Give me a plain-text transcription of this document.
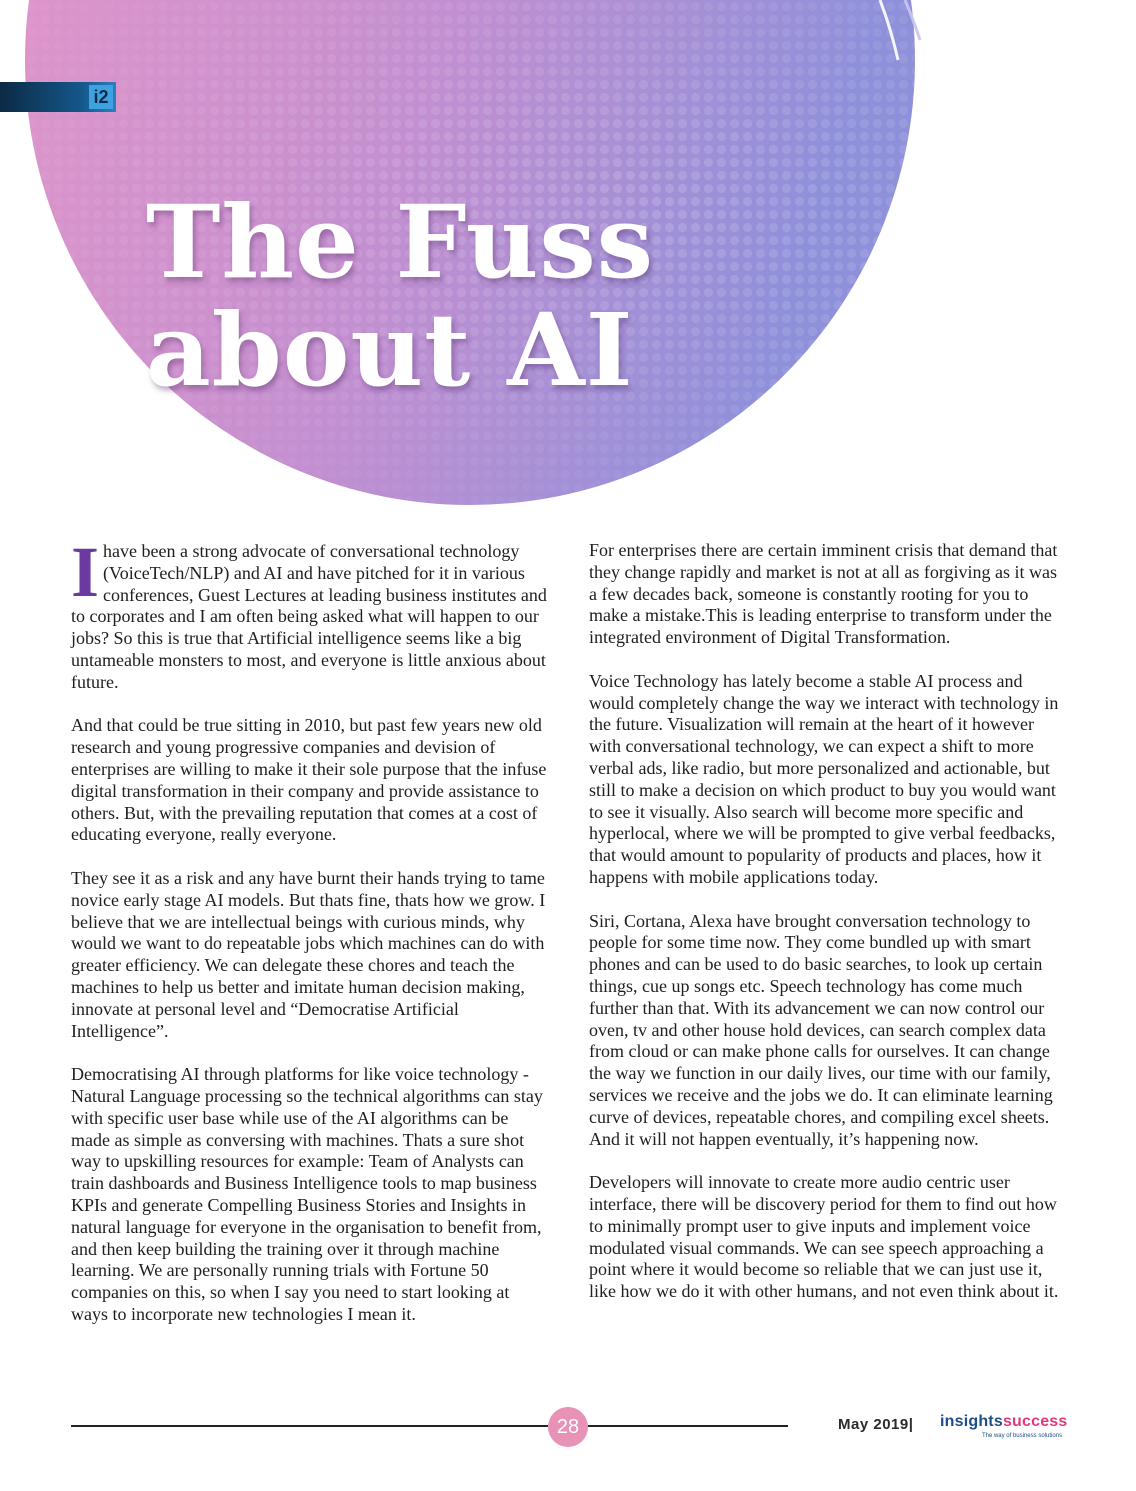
i2
The Fuss
about AI

Ihave been a strong advocate of conversational technology (VoiceTech/NLP) and AI and have pitched for it in various conferences, Guest Lectures at leading business institutes and to corporates and I am often being asked what will happen to our jobs? So this is true that Artificial intelligence seems like a big untameable monsters to most, and everyone is little anxious about future.

And that could be true sitting in 2010, but past few years new old research and young progressive companies and devision of enterprises are willing to make it their sole purpose that the infuse digital transformation in their company and provide assistance to others. But, with the prevailing reputation that comes at a cost of educating everyone, really everyone.

They see it as a risk and any have burnt their hands trying to tame novice early stage AI models. But thats fine, thats how we grow. I believe that we are intellectual beings with curious minds, why would we want to do repeatable jobs which machines can do with greater efficiency. We can delegate these chores and teach the machines to help us better and imitate human decision making, innovate at personal level and “Democratise Artificial Intelligence”.

Democratising AI through platforms for like voice technology - Natural Language processing so the technical algorithms can stay with specific user base while use of the AI algorithms can be made as simple as conversing with machines. Thats a sure shot way to upskilling resources for example: Team of Analysts can train dashboards and Business Intelligence tools to map business KPIs and generate Compelling Business Stories and Insights in natural language for everyone in the organisation to benefit from, and then keep building the training over it through machine learning. We are personally running trials with Fortune 50 companies on this, so when I say you need to start looking at ways to incorporate new technologies I mean it.

For enterprises there are certain imminent crisis that demand that they change rapidly and market is not at all as forgiving as it was a few decades back, someone is constantly rooting for you to make a mistake.This is leading enterprise to transform under the integrated environment of Digital Transformation.

Voice Technology has lately become a stable AI process and would completely change the way we interact with technology in the future. Visualization will remain at the heart of it however with conversational technology, we can expect a shift to more verbal ads, like radio, but more personalized and actionable, but still to make a decision on which product to buy you would want to see it visually. Also search will become more specific and hyperlocal, where we will be prompted to give verbal feedbacks, that would amount to popularity of products and places, how it happens with mobile applications today.

Siri, Cortana, Alexa have brought conversation technology to people for some time now. They come bundled up with smart phones and can be used to do basic searches, to look up certain things, cue up songs etc. Speech technology has come much further than that. With its advancement we can now control our oven, tv and other house hold devices, can search complex data from cloud or can make phone calls for ourselves. It can change the way we function in our daily lives, our time with our family, services we receive and the jobs we do. It can eliminate learning curve of devices, repeatable chores, and compiling excel sheets. And it will not happen eventually, it’s happening now.

Developers will innovate to create more audio centric user interface, there will be discovery period for them to find out how to minimally prompt user to give inputs and implement voice modulated visual commands. We can see speech approaching a point where it would become so reliable that we can just use it, like how we do it with other humans, and not even think about it.

28	May 2019| insightssuccess
The way of business solutions
